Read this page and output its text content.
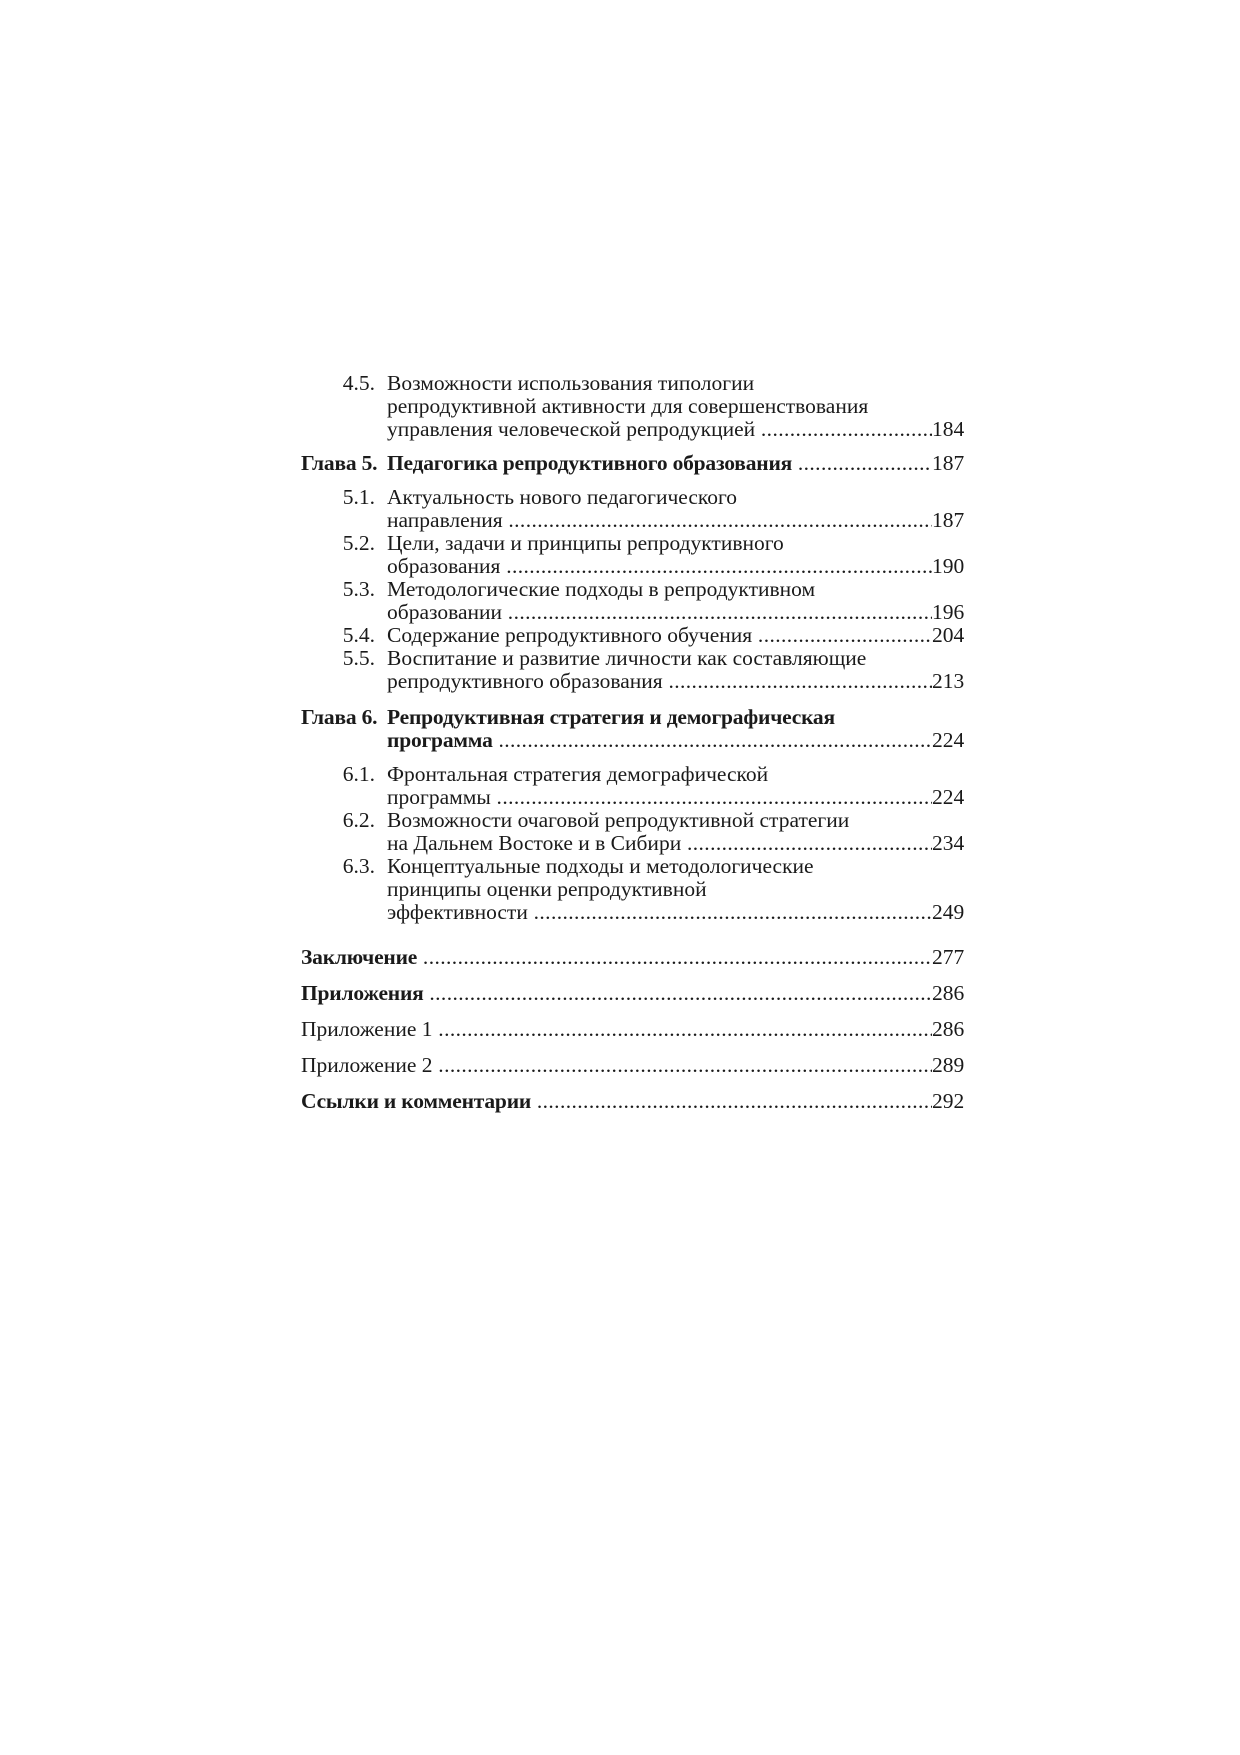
4.5. Возможности использования типологии
репродуктивной активности для совершенствования
управления человеческой репродукцией .....	184
Глава 5. Педагогика репродуктивного образования .....	187
5.1. Актуальность нового педагогического
направления .....	187
5.2. Цели, задачи и принципы репродуктивного
образования .....	190
5.3. Методологические подходы в репродуктивном
образовании .....	196
5.4. Содержание репродуктивного обучения .....	204
5.5. Воспитание и развитие личности как составляющие
репродуктивного образования .....	213
Глава 6. Репродуктивная стратегия и демографическая
программа .....	224
6.1. Фронтальная стратегия демографической
программы .....	224
6.2. Возможности очаговой репродуктивной стратегии
на Дальнем Востоке и в Сибири .....	234
6.3. Концептуальные подходы и методологические
принципы оценки репродуктивной
эффективности .....	249
Заключение .....	277
Приложения .....	286
Приложение 1 .....	286
Приложение 2 .....	289
Ссылки и комментарии .....	292
